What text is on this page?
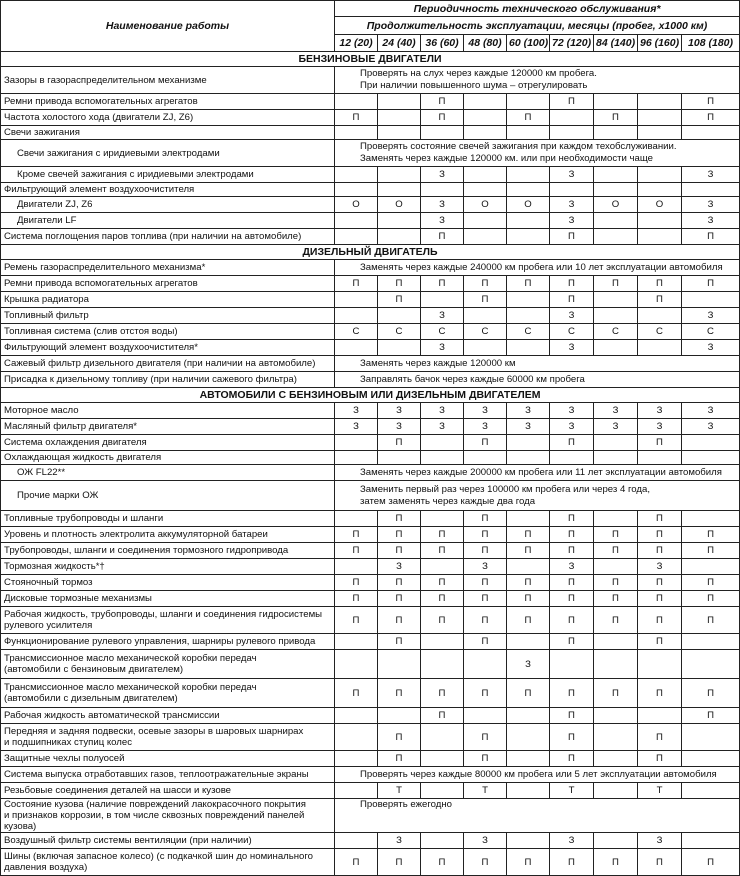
Наименование работы	Периодичность технического обслуживания*								
	Продолжительность эксплуатации, месяцы (пробег, х1000 км)								
	12 (20)	24 (40)	36 (60)	48 (80)	60 (100)	72 (120)	84 (140)	96 (160)	108 (180)
БЕНЗИНОВЫЕ ДВИГАТЕЛИ									
Зазоры в газораспределительном механизме	Проверять на слух через каждые 120000 км пробега.
При наличии повышенного шума – отрегулировать								
Ремни привода вспомогательных агрегатов			П			П			П
Частота холостого хода (двигатели ZJ, Z6)	П		П		П		П		П
Свечи зажигания									
Свечи зажигания с иридиевыми электродами	Проверять состояние свечей зажигания при каждом техобслуживании.
Заменять через каждые 120000 км. или при необходимости чаще								
Кроме свечей зажигания с иридиевыми электродами			З			З			З
Фильтрующий элемент воздухоочистителя									
Двигатели ZJ, Z6	О	О	З	О	О	З	О	О	З
Двигатели LF			З			З			З
Система поглощения паров топлива (при наличии на автомобиле)			П			П			П
ДИЗЕЛЬНЫЙ ДВИГАТЕЛЬ									
Ремень газораспределительного механизма*	Заменять через каждые 240000 км пробега или 10 лет эксплуатации автомобиля								
Ремни привода вспомогательных агрегатов	П	П	П	П	П	П	П	П	П
Крышка радиатора		П		П		П		П	
Топливный фильтр			З			З			З
Топливная система (слив отстоя воды)	С	С	С	С	С	С	С	С	С
Фильтрующий элемент воздухоочистителя*			З			З			З
Сажевый фильтр дизельного двигателя (при наличии на автомобиле)	Заменять через каждые 120000 км								
Присадка к дизельному топливу (при наличии сажевого фильтра)	Заправлять бачок через каждые 60000 км пробега								
АВТОМОБИЛИ С БЕНЗИНОВЫМ ИЛИ ДИЗЕЛЬНЫМ ДВИГАТЕЛЕМ									
Моторное масло	З	З	З	З	З	З	З	З	З
Масляный фильтр двигателя*	З	З	З	З	З	З	З	З	З
Система охлаждения двигателя		П		П		П		П	
Охлаждающая жидкость двигателя									
ОЖ FL22**	Заменять через каждые 200000 км пробега или 11 лет эксплуатации автомобиля								
Прочие марки ОЖ	Заменить первый раз через 100000 км пробега или через 4 года,
затем заменять через каждые два года								
Топливные трубопроводы и шланги		П		П		П		П	
Уровень и плотность электролита аккумуляторной батареи	П	П	П	П	П	П	П	П	П
Трубопроводы, шланги и соединения тормозного гидропривода	П	П	П	П	П	П	П	П	П
Тормозная жидкость*†		З		З		З		З	
Стояночный тормоз	П	П	П	П	П	П	П	П	П
Дисковые тормозные механизмы	П	П	П	П	П	П	П	П	П
Рабочая жидкость, трубопроводы, шланги и соединения гидросистемы
рулевого усилителя	П	П	П	П	П	П	П	П	П
Функционирование рулевого управления, шарниры рулевого привода		П		П		П		П	
Трансмиссионное масло механической коробки передач
(автомобили с бензиновым двигателем)					З				
Трансмиссионное масло механической коробки передач
(автомобили с дизельным двигателем)	П	П	П	П	П	П	П	П	П
Рабочая жидкость автоматической трансмиссии			П			П			П
Передняя и задняя подвески, осевые зазоры в шаровых шарнирах
и подшипниках ступиц колес		П		П		П		П	
Защитные чехлы полуосей		П		П		П		П	
Система выпуска отработавших газов, теплоотражательные экраны	Проверять через каждые 80000 км пробега или 5 лет эксплуатации автомобиля								
Резьбовые соединения деталей на шасси и кузове		Т		Т		Т		Т	
Состояние кузова (наличие повреждений лакокрасочного покрытия
и признаков коррозии, в том числе сквозных повреждений панелей кузова)	Проверять ежегодно								
Воздушный фильтр системы вентиляции (при наличии)		З		З		З		З	
Шины (включая запасное колесо) (с подкачкой шин до номинального
давления воздуха)	П	П	П	П	П	П	П	П	П
